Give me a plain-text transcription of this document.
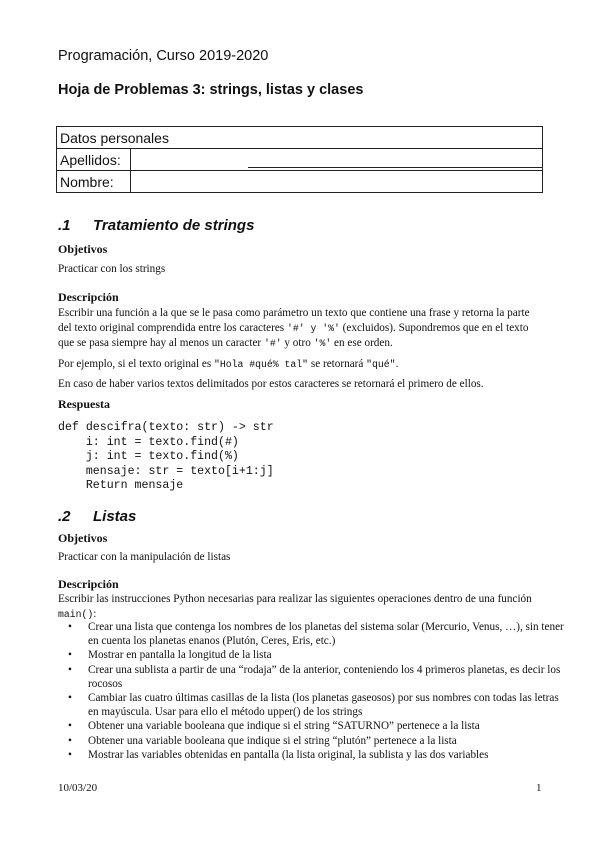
Programación, Curso 2019-2020
Hoja de Problemas 3: strings, listas y clases
Datos personales	
Apellidos:	
Nombre:	
.1 Tratamiento de strings
Objetivos
Practicar con los strings
Descripción
Escribir una función a la que se le pasa como parámetro un texto que contiene una frase y retorna la parte del texto original comprendida entre los caracteres '#' y '%' (excluidos). Supondremos que en el texto que se pasa siempre hay al menos un caracter '#' y otro '%' en ese orden.
Por ejemplo, si el texto original es "Hola #qué% tal" se retornará "qué".
En caso de haber varios textos delimitados por estos caracteres se retornará el primero de ellos.
Respuesta
def descifra(texto: str) -> str
i: int = texto.find(#)
j: int = texto.find(%)
mensaje: str = texto[i+1:j]
Return mensaje
.2 Listas
Objetivos
Practicar con la manipulación de listas
Descripción
Escribir las instrucciones Python necesarias para realizar las siguientes operaciones dentro de una función main():
• Crear una lista que contenga los nombres de los planetas del sistema solar (Mercurio, Venus, …), sin tener en cuenta los planetas enanos (Plutón, Ceres, Eris, etc.)
• Mostrar en pantalla la longitud de la lista
• Crear una sublista a partir de una “rodaja” de la anterior, conteniendo los 4 primeros planetas, es decir los rocosos
• Cambiar las cuatro últimas casillas de la lista (los planetas gaseosos) por sus nombres con todas las letras en mayúscula. Usar para ello el método upper() de los strings
• Obtener una variable booleana que indique si el string “SATURNO” pertenece a la lista
• Obtener una variable booleana que indique si el string “plutón” pertenece a la lista
• Mostrar las variables obtenidas en pantalla (la lista original, la sublista y las dos variables
10/03/20	1
